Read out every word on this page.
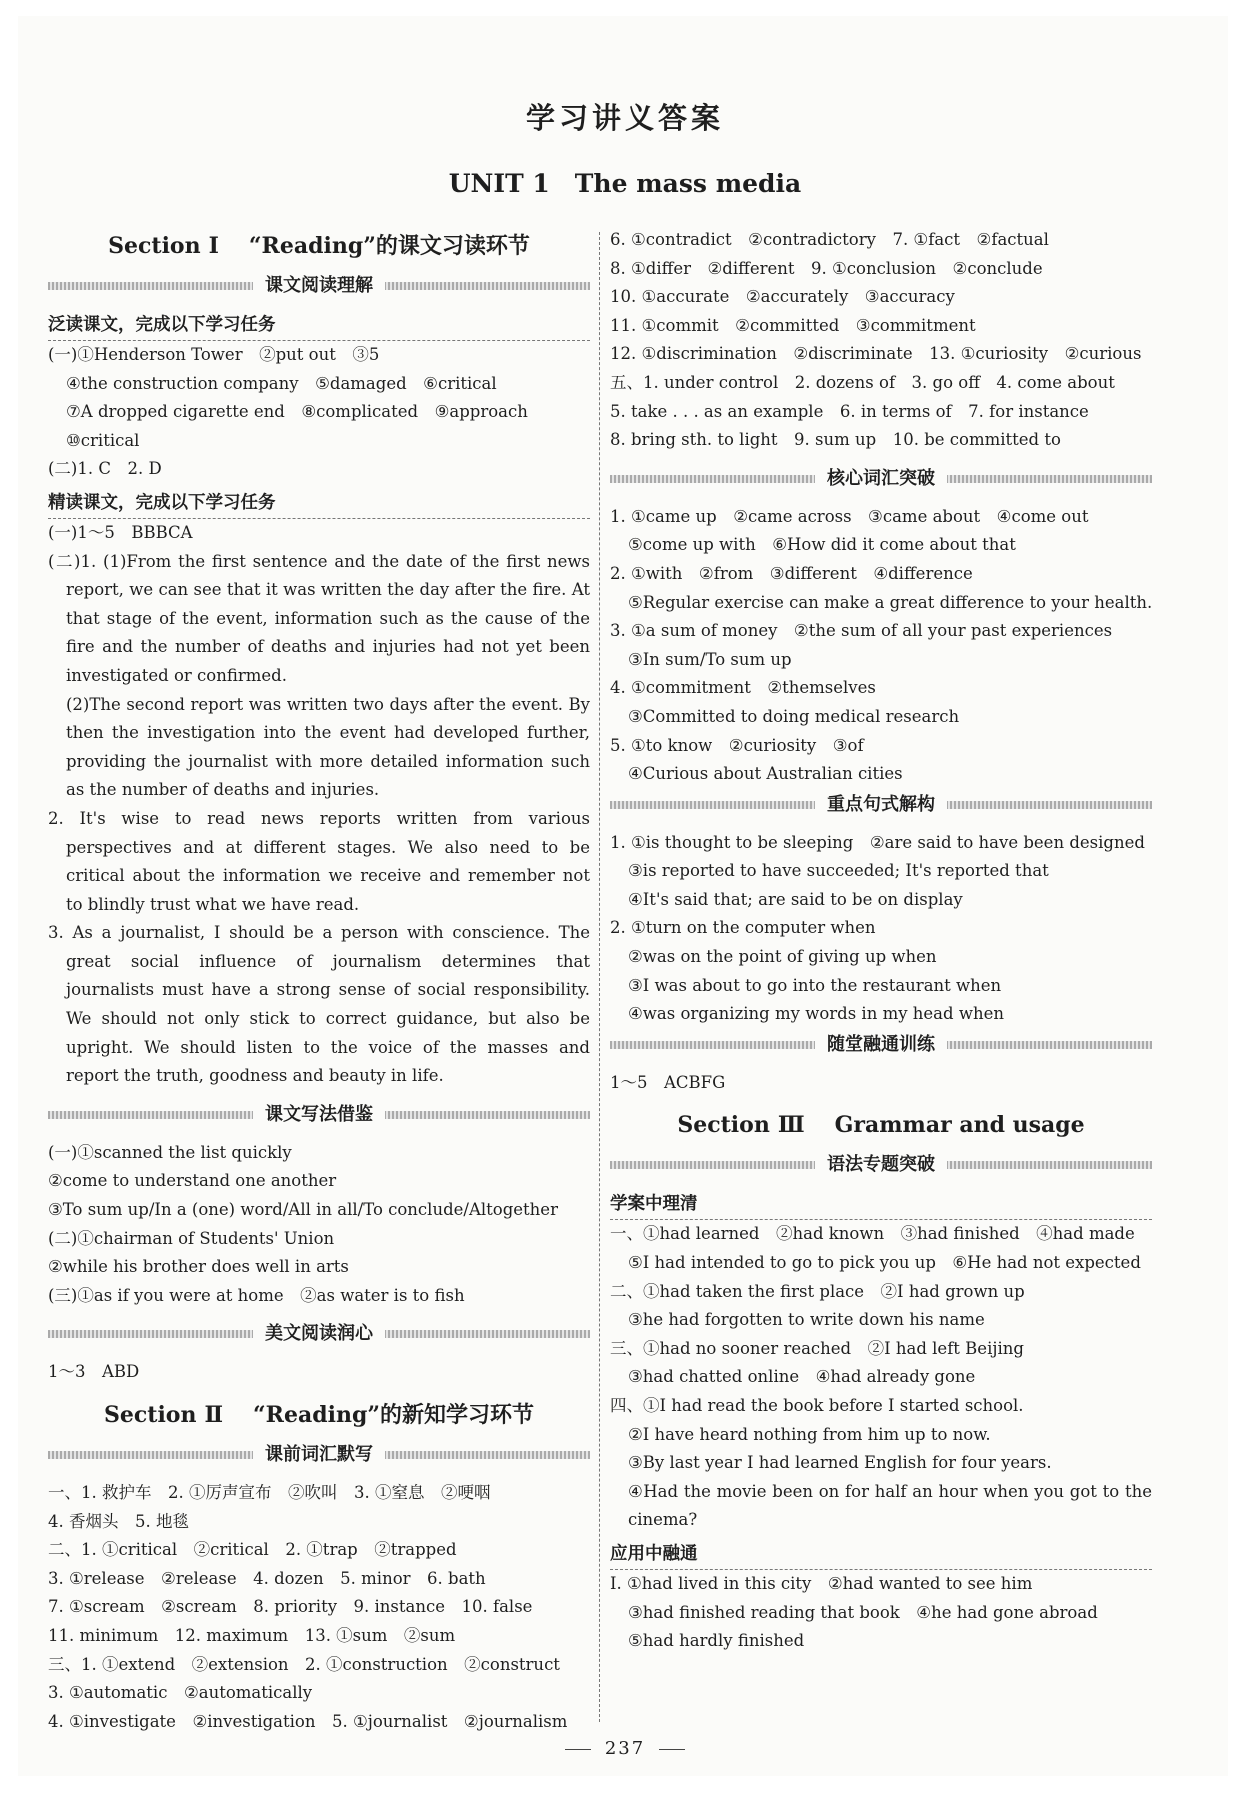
学习讲义答案
UNIT 1　The mass media
Section Ⅰ “Reading”的课文习读环节
课文阅读理解
泛读课文，完成以下学习任务
(一)①Henderson Tower　②put out　③5
④the construction company　⑤damaged　⑥critical
⑦A dropped cigarette end　⑧complicated　⑨approach
⑩critical
(二)1. C　2. D
精读课文，完成以下学习任务
(一)1～5　BBBCA
(二)1. (1)From the first sentence and the date of the first news report, we can see that it was written the day after the fire. At that stage of the event, information such as the cause of the fire and the number of deaths and injuries had not yet been investigated or confirmed.
(2)The second report was written two days after the event. By then the investigation into the event had developed further, providing the journalist with more detailed information such as the number of deaths and injuries.
2. It's wise to read news reports written from various perspectives and at different stages. We also need to be critical about the information we receive and remember not to blindly trust what we have read.
3. As a journalist, I should be a person with conscience. The great social influence of journalism determines that journalists must have a strong sense of social responsibility. We should not only stick to correct guidance, but also be upright. We should listen to the voice of the masses and report the truth, goodness and beauty in life.
课文写法借鉴
(一)①scanned the list quickly
②come to understand one another
③To sum up/In a (one) word/All in all/To conclude/Altogether
(二)①chairman of Students' Union
②while his brother does well in arts
(三)①as if you were at home　②as water is to fish
美文阅读润心
1～3　ABD
Section Ⅱ “Reading”的新知学习环节
课前词汇默写
一、1. 救护车　2. ①厉声宣布　②吹叫　3. ①窒息　②哽咽
4. 香烟头　5. 地毯
二、1. ①critical　②critical　2. ①trap　②trapped
3. ①release　②release　4. dozen　5. minor　6. bath
7. ①scream　②scream　8. priority　9. instance　10. false
11. minimum　12. maximum　13. ①sum　②sum
三、1. ①extend　②extension　2. ①construction　②construct
3. ①automatic　②automatically
4. ①investigate　②investigation　5. ①journalist　②journalism
6. ①contradict　②contradictory　7. ①fact　②factual
8. ①differ　②different　9. ①conclusion　②conclude
10. ①accurate　②accurately　③accuracy
11. ①commit　②committed　③commitment
12. ①discrimination　②discriminate　13. ①curiosity　②curious
五、1. under control　2. dozens of　3. go off　4. come about
5. take . . . as an example　6. in terms of　7. for instance
8. bring sth. to light　9. sum up　10. be committed to
核心词汇突破
1. ①came up　②came across　③came about　④come out
⑤come up with　⑥How did it come about that
2. ①with　②from　③different　④difference
⑤Regular exercise can make a great difference to your health.
3. ①a sum of money　②the sum of all your past experiences
③In sum/To sum up
4. ①commitment　②themselves
③Committed to doing medical research
5. ①to know　②curiosity　③of
④Curious about Australian cities
重点句式解构
1. ①is thought to be sleeping　②are said to have been designed
③is reported to have succeeded; It's reported that
④It's said that; are said to be on display
2. ①turn on the computer when
②was on the point of giving up when
③I was about to go into the restaurant when
④was organizing my words in my head when
随堂融通训练
1～5　ACBFG
Section Ⅲ Grammar and usage
语法专题突破
学案中理清
一、①had learned　②had known　③had finished　④had made
⑤I had intended to go to pick you up　⑥He had not expected
二、①had taken the first place　②I had grown up
③he had forgotten to write down his name
三、①had no sooner reached　②I had left Beijing
③had chatted online　④had already gone
四、①I had read the book before I started school.
②I have heard nothing from him up to now.
③By last year I had learned English for four years.
④Had the movie been on for half an hour when you got to the cinema?
应用中融通
Ⅰ. ①had lived in this city　②had wanted to see him
③had finished reading that book　④he had gone abroad
⑤had hardly finished
237
